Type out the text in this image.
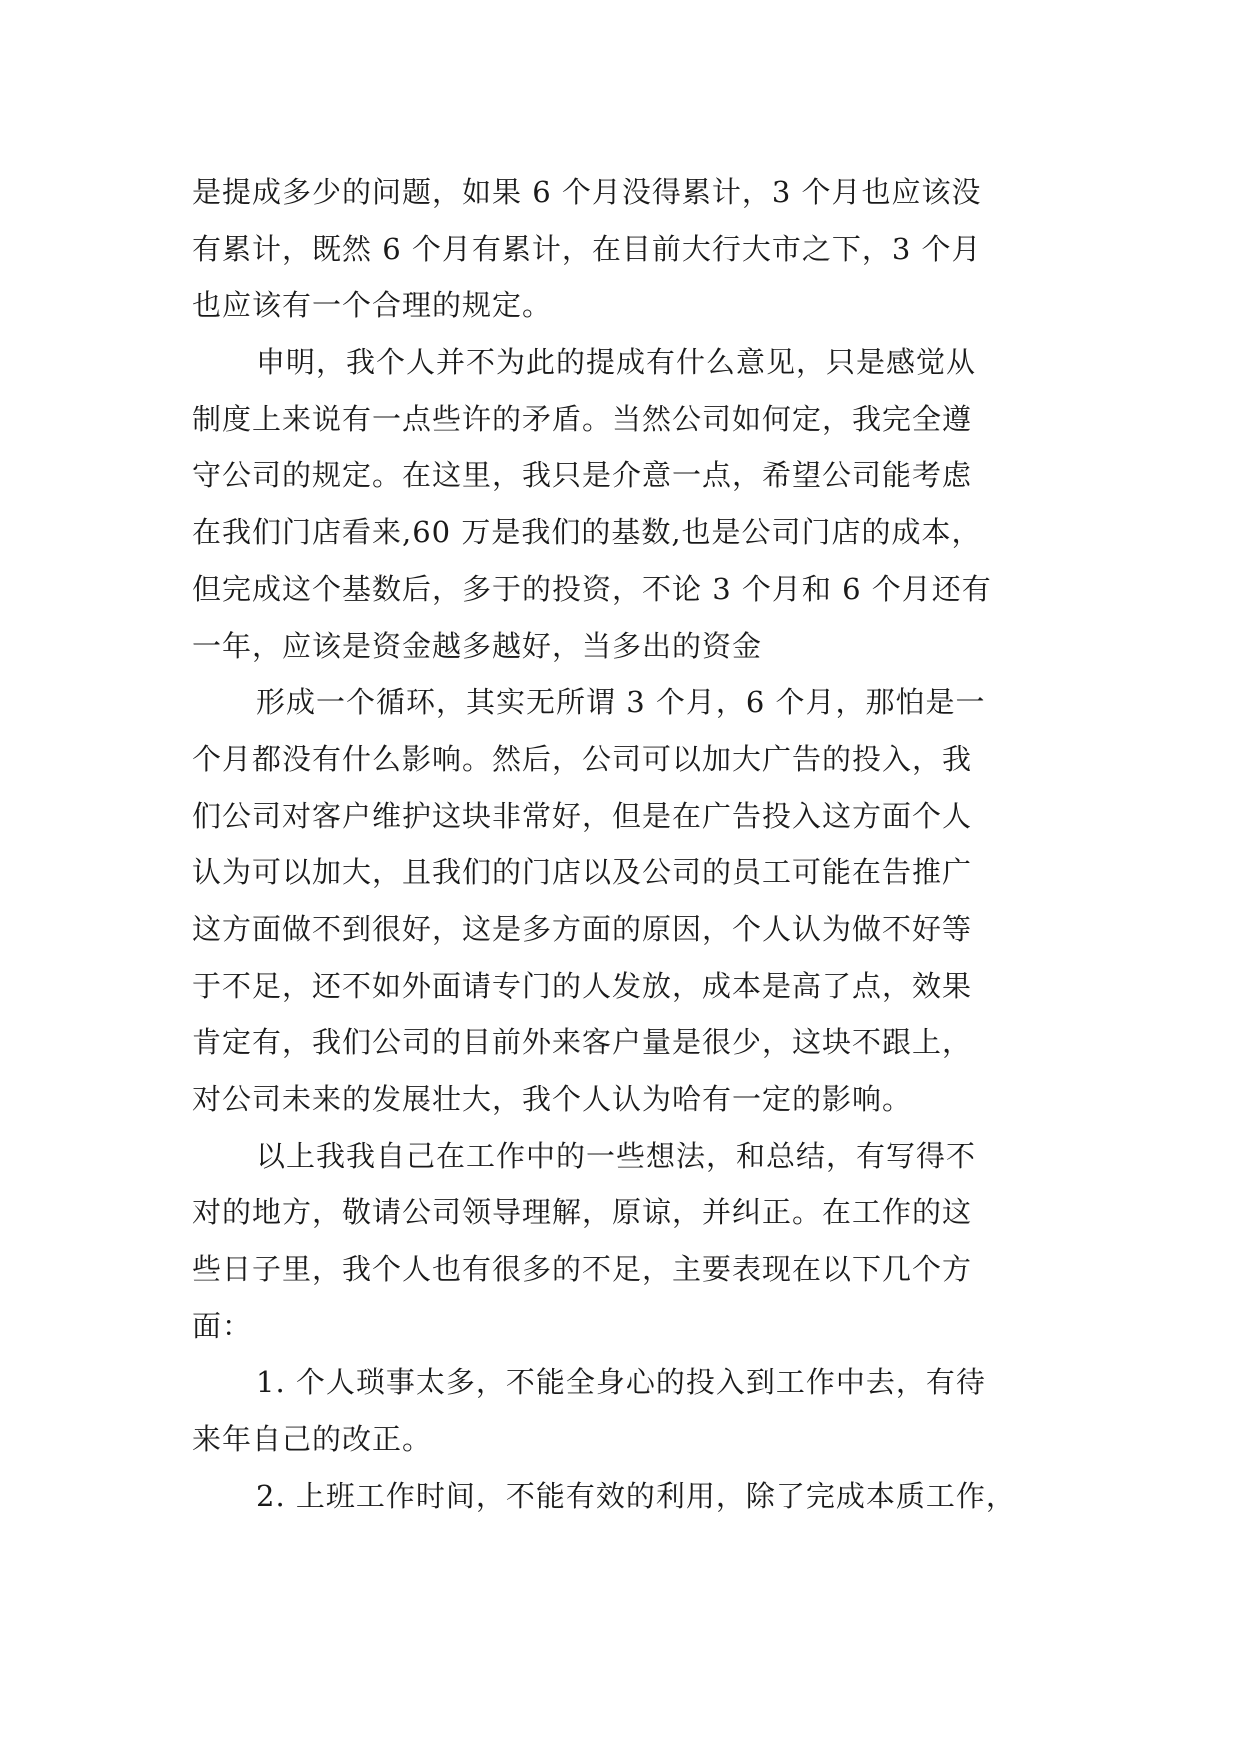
是提成多少的问题，如果 6 个月没得累计，3 个月也应该没
有累计，既然 6 个月有累计，在目前大行大市之下，3 个月
也应该有一个合理的规定。
申明，我个人并不为此的提成有什么意见，只是感觉从
制度上来说有一点些许的矛盾。当然公司如何定，我完全遵
守公司的规定。在这里，我只是介意一点，希望公司能考虑
在我们门店看来,60 万是我们的基数,也是公司门店的成本，
但完成这个基数后，多于的投资，不论 3 个月和 6 个月还有
一年，应该是资金越多越好，当多出的资金
形成一个循环，其实无所谓 3 个月，6 个月，那怕是一
个月都没有什么影响。然后，公司可以加大广告的投入，我
们公司对客户维护这块非常好，但是在广告投入这方面个人
认为可以加大，且我们的门店以及公司的员工可能在告推广
这方面做不到很好，这是多方面的原因，个人认为做不好等
于不足，还不如外面请专门的人发放，成本是高了点，效果
肯定有，我们公司的目前外来客户量是很少，这块不跟上，
对公司未来的发展壮大，我个人认为哈有一定的影响。
以上我我自己在工作中的一些想法，和总结，有写得不
对的地方，敬请公司领导理解，原谅，并纠正。在工作的这
些日子里，我个人也有很多的不足，主要表现在以下几个方
面：
1. 个人琐事太多，不能全身心的投入到工作中去，有待
来年自己的改正。
2. 上班工作时间，不能有效的利用，除了完成本质工作，
